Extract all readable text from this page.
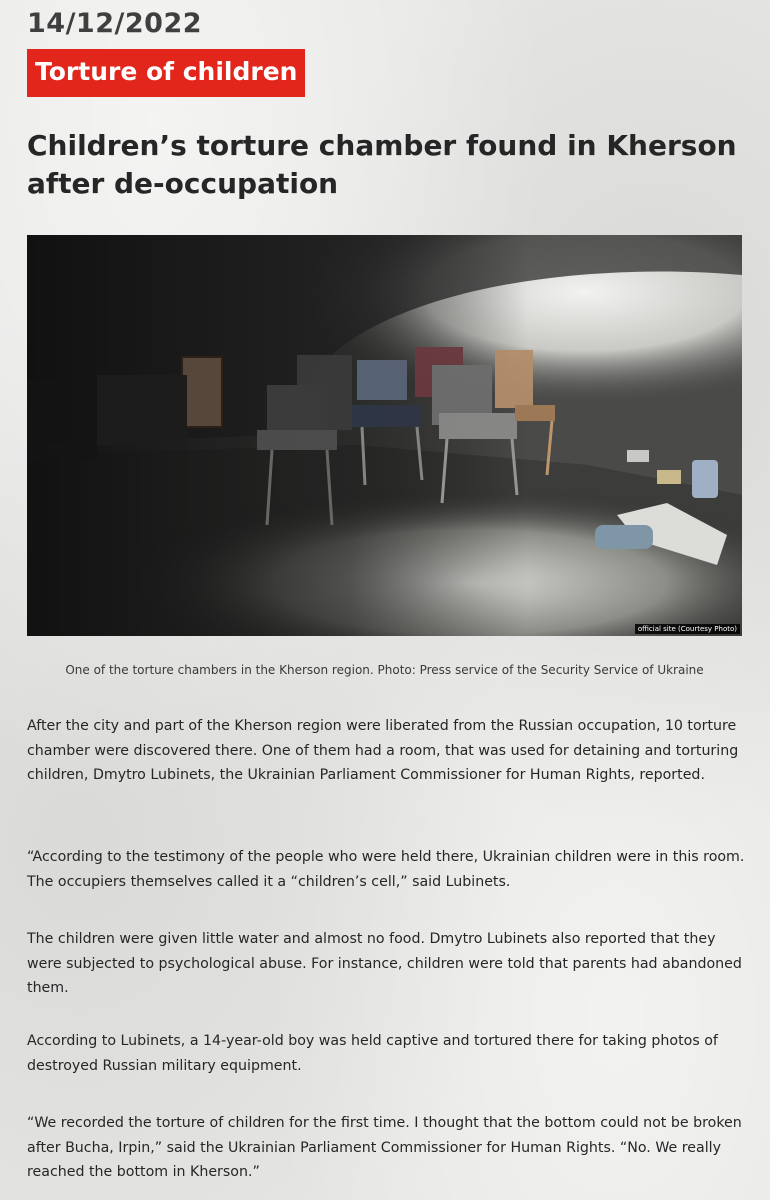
14/12/2022
Torture of children
Children’s torture chamber found in Kherson after de-occupation
official site (Courtesy Photo)
One of the torture chambers in the Kherson region. Photo: Press service of the Security Service of Ukraine

After the city and part of the Kherson region were liberated from the Russian occupation, 10 torture chamber were discovered there. One of them had a room, that was used for detaining and torturing children, Dmytro Lubinets, the Ukrainian Parliament Commissioner for Human Rights, reported.

“According to the testimony of the people who were held there, Ukrainian children were in this room. The occupiers themselves called it a “children’s cell,” said Lubinets.

The children were given little water and almost no food. Dmytro Lubinets also reported that they were subjected to psychological abuse. For instance, children were told that parents had abandoned them.

According to Lubinets, a 14-year-old boy was held captive and tortured there for taking photos of destroyed Russian military equipment.

“We recorded the torture of children for the first time. I thought that the bottom could not be broken after Bucha, Irpin,” said the Ukrainian Parliament Commissioner for Human Rights. “No. We really reached the bottom in Kherson.”
